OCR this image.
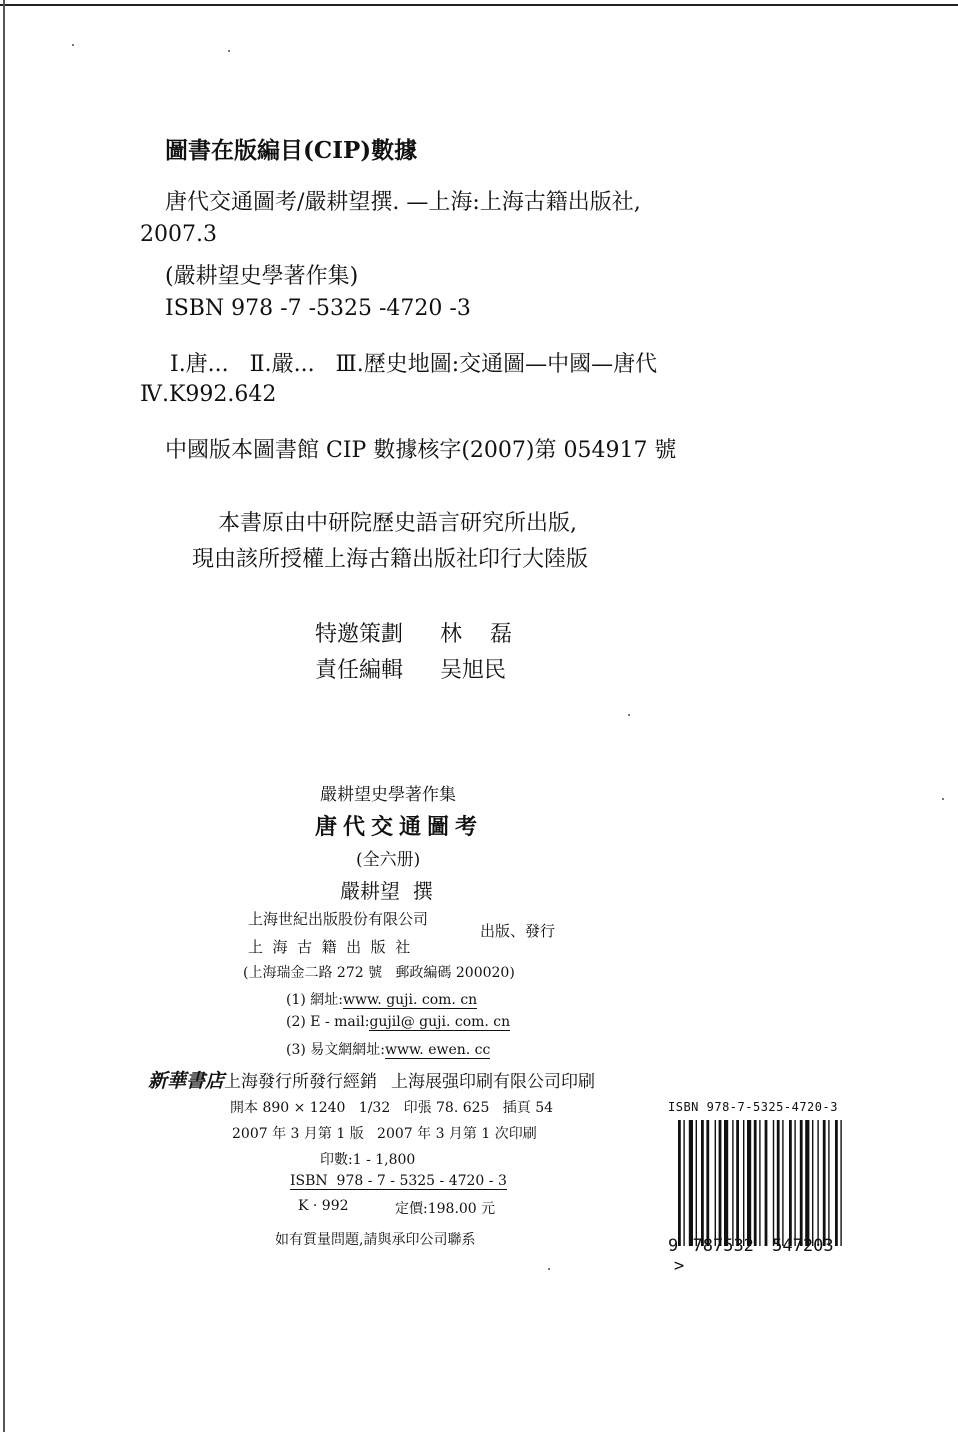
圖書在版編目(CIP)數據
唐代交通圖考/嚴耕望撰. —上海:上海古籍出版社,
2007.3
(嚴耕望史學著作集)
ISBN 978 -7 -5325 -4720 -3
Ⅰ.唐...   Ⅱ.嚴...   Ⅲ.歷史地圖:交通圖—中國—唐代
Ⅳ.K992.642
中國版本圖書館 CIP 數據核字(2007)第 054917 號
本書原由中研院歷史語言研究所出版,
現由該所授權上海古籍出版社印行大陸版
特邀策劃 林    磊
責任編輯 吴旭民
嚴耕望史學著作集
唐代交通圖考
(全六册)
嚴耕望  撰
上海世紀出版股份有限公司
上  海  古  籍  出  版  社
出版、發行
(上海瑞金二路 272 號   郵政編碼 200020)
(1) 網址:www. guji. com. cn
(2) E - mail:gujil@ guji. com. cn
(3) 易文網網址:www. ewen. cc
新華書店上海發行所發行經銷 上海展强印刷有限公司印刷
開本 890 × 1240   1/32   印張 78. 625   插頁 54
2007 年 3 月第 1 版   2007 年 3 月第 1 次印刷
印數:1 - 1,800
ISBN  978 - 7 - 5325 - 4720 - 3
K · 992	定價:198.00 元
如有質量問題,請與承印公司聯系
ISBN 978-7-5325-4720-3
9 787532 547203 >
